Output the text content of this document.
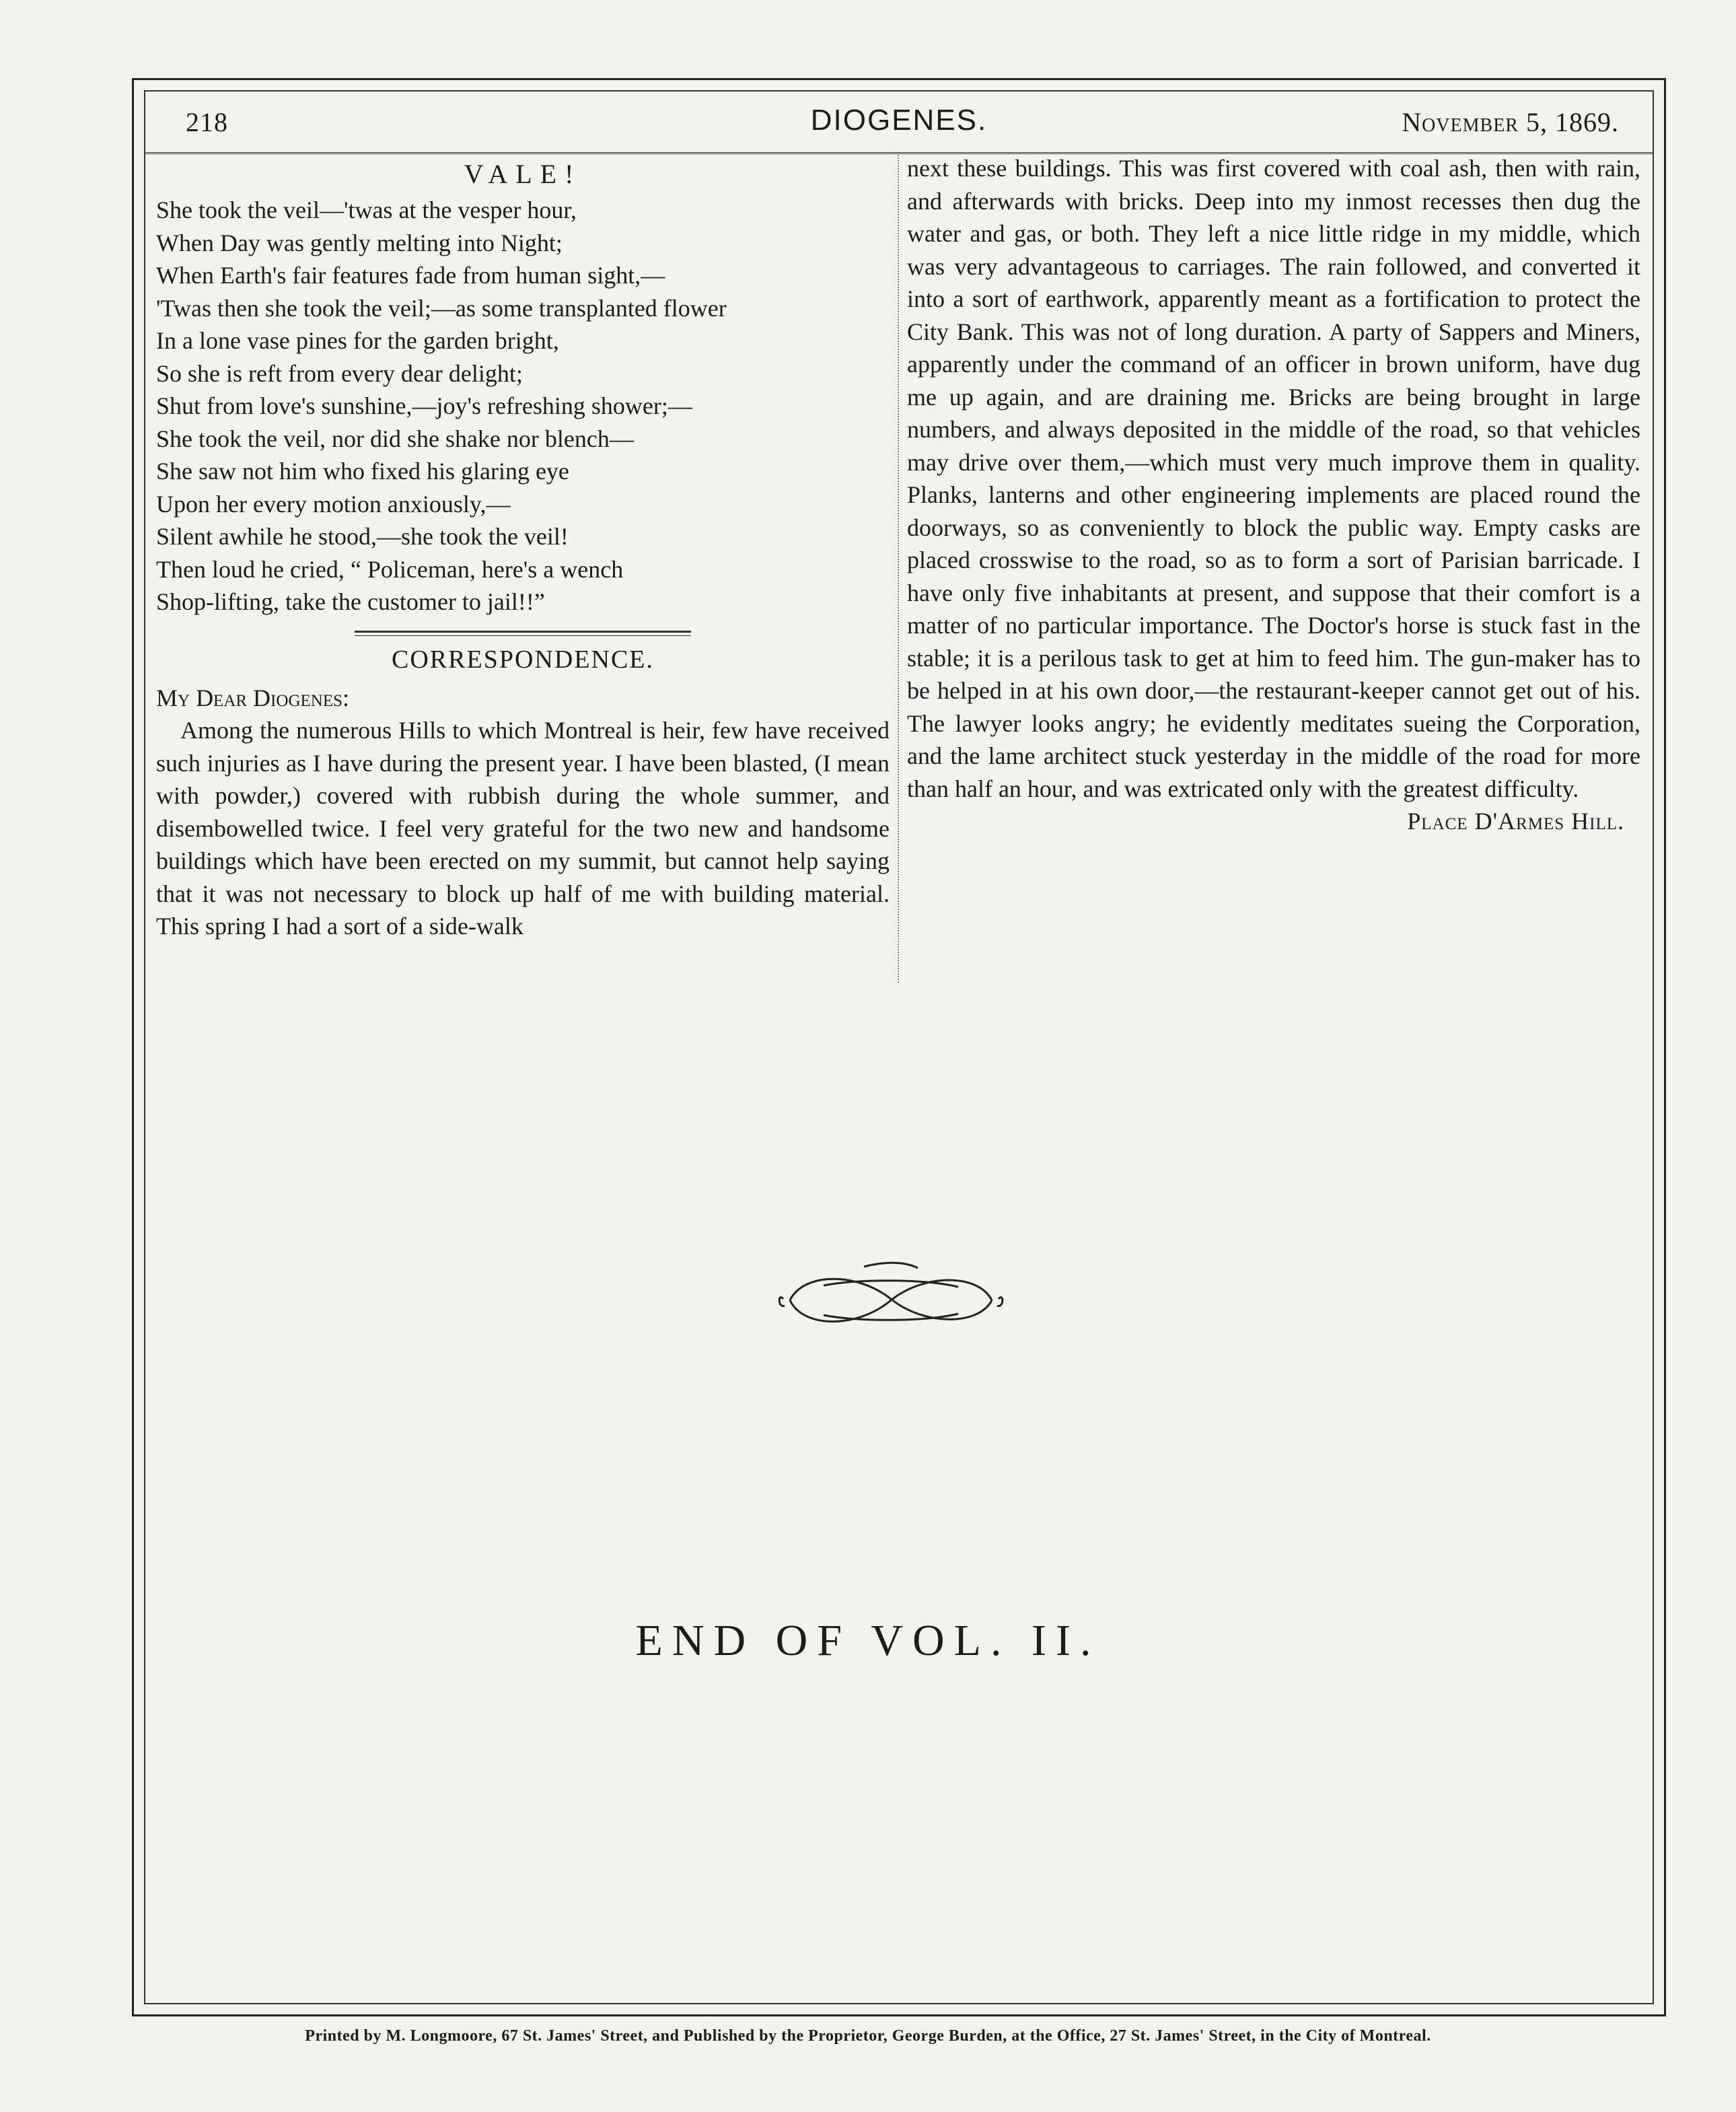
218	DIOGENES.	November 5, 1869.
VALE!
She took the veil—'twas at the vesper hour,
When Day was gently melting into Night;
When Earth's fair features fade from human sight,—
'Twas then she took the veil;—as some transplanted flower
In a lone vase pines for the garden bright,
So she is reft from every dear delight;
Shut from love's sunshine,—joy's refreshing shower;—
She took the veil, nor did she shake nor blench—
She saw not him who fixed his glaring eye
Upon her every motion anxiously,—
Silent awhile he stood,—she took the veil!
Then loud he cried, “ Policeman, here's a wench
Shop-lifting, take the customer to jail!!”
CORRESPONDENCE.
My Dear Diogenes:
Among the numerous Hills to which Montreal is heir, few have received such injuries as I have during the present year. I have been blasted, (I mean with powder,) covered with rubbish during the whole summer, and disembowelled twice. I feel very grateful for the two new and handsome buildings which have been erected on my summit, but cannot help saying that it was not necessary to block up half of me with building material. This spring I had a sort of a side-walk
next these buildings. This was first covered with coal ash, then with rain, and afterwards with bricks. Deep into my inmost recesses then dug the water and gas, or both. They left a nice little ridge in my middle, which was very advantageous to carriages. The rain followed, and converted it into a sort of earthwork, apparently meant as a fortification to protect the City Bank. This was not of long duration. A party of Sappers and Miners, apparently under the command of an officer in brown uniform, have dug me up again, and are draining me. Bricks are being brought in large numbers, and always deposited in the middle of the road, so that vehicles may drive over them,—which must very much improve them in quality. Planks, lanterns and other engineering implements are placed round the doorways, so as conveniently to block the public way. Empty casks are placed crosswise to the road, so as to form a sort of Parisian barricade. I have only five inhabitants at present, and suppose that their comfort is a matter of no particular importance. The Doctor's horse is stuck fast in the stable; it is a perilous task to get at him to feed him. The gun-maker has to be helped in at his own door,—the restaurant-keeper cannot get out of his. The lawyer looks angry; he evidently meditates sueing the Corporation, and the lame architect stuck yesterday in the middle of the road for more than half an hour, and was extricated only with the greatest difficulty.
Place D'Armes Hill.
END OF VOL. II.
Printed by M. Longmoore, 67 St. James' Street, and Published by the Proprietor, George Burden, at the Office, 27 St. James' Street, in the City of Montreal.
